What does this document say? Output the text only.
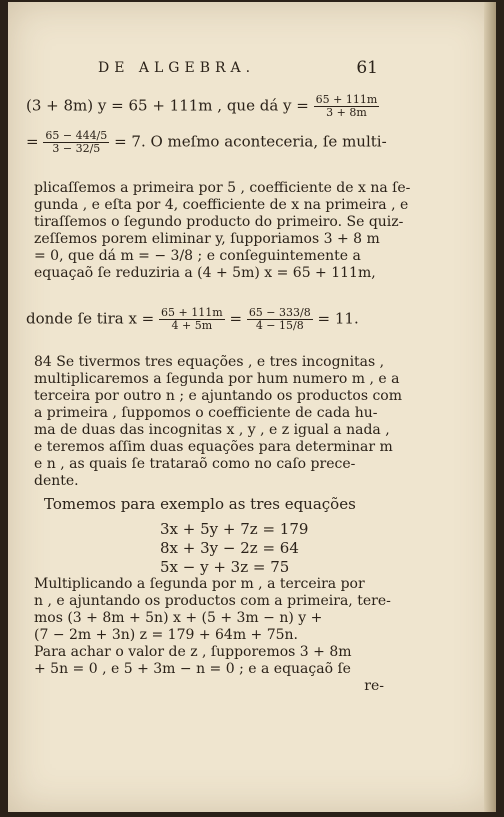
DE ALGEBRA.	61
(3 + 8m) y = 65 + 111m , que dá $y = \frac{65 + 111m}{3 + 8m}$
= $\frac{65 - 444/5}{3 - 32/5} = 7$. O meſmo aconteceria, ſe multi-
plicaſſemos a primeira por 5 , coefficiente de x na ſe-
gunda , e eſta por 4, coefficiente de x na primeira , e
tiraſſemos o ſegundo producto do primeiro. Se quiz-
zeſſemos porem eliminar y, ſupporiamos 3 + 8 m
= 0, que dá m = − 3/8 ; e conſeguintemente a
equaçaõ ſe reduziria a (4 + 5m) x = 65 + 111m,
donde ſe tira $x = \frac{65 + 111m}{4 + 5m} = \frac{65 - 333/8}{4 - 15/8} = 11$.
84 Se tivermos tres equações , e tres incognitas ,
multiplicaremos a ſegunda por hum numero m , e a
terceira por outro n ; e ajuntando os productos com
a primeira , ſuppomos o coefficiente de cada hu-
ma de duas das incognitas x , y , e z igual a nada ,
e teremos aſſim duas equações para determinar m
e n , as quais ſe trataraõ como no caſo prece-
dente.
Tomemos para exemplo as tres equações
3x + 5y + 7z = 179
8x + 3y − 2z = 64
5x − y + 3z = 75
Multiplicando a ſegunda por m , a terceira por
n , e ajuntando os productos com a primeira, tere-
mos (3 + 8m + 5n) x + (5 + 3m − n) y +
(7 − 2m + 3n) z = 179 + 64m + 75n.
Para achar o valor de z , ſupporemos 3 + 8m
+ 5n = 0 , e 5 + 3m − n = 0 ; e a equaçaõ ſe
re-
